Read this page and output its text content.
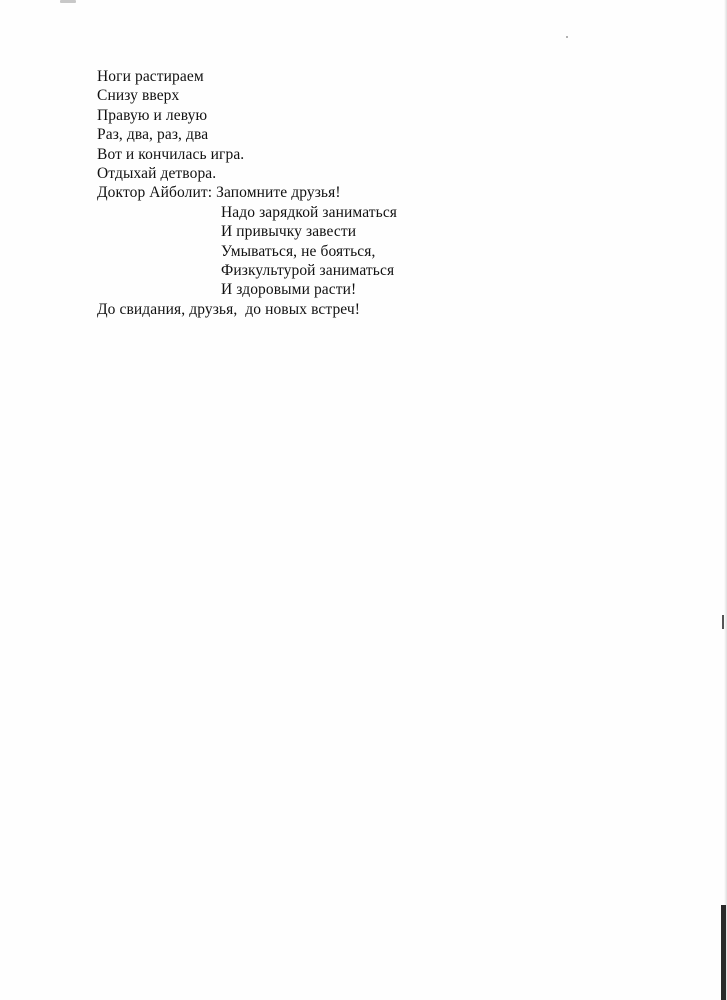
Ноги растираем
Снизу вверх
Правую и левую
Раз, два, раз, два
Вот и кончилась игра.
Отдыхай детвора.
Доктор Айболит: Запомните друзья!
Надо зарядкой заниматься
И привычку завести
Умываться, не бояться,
Физкультурой заниматься
И здоровыми расти!
До свидания, друзья,  до новых встреч!
